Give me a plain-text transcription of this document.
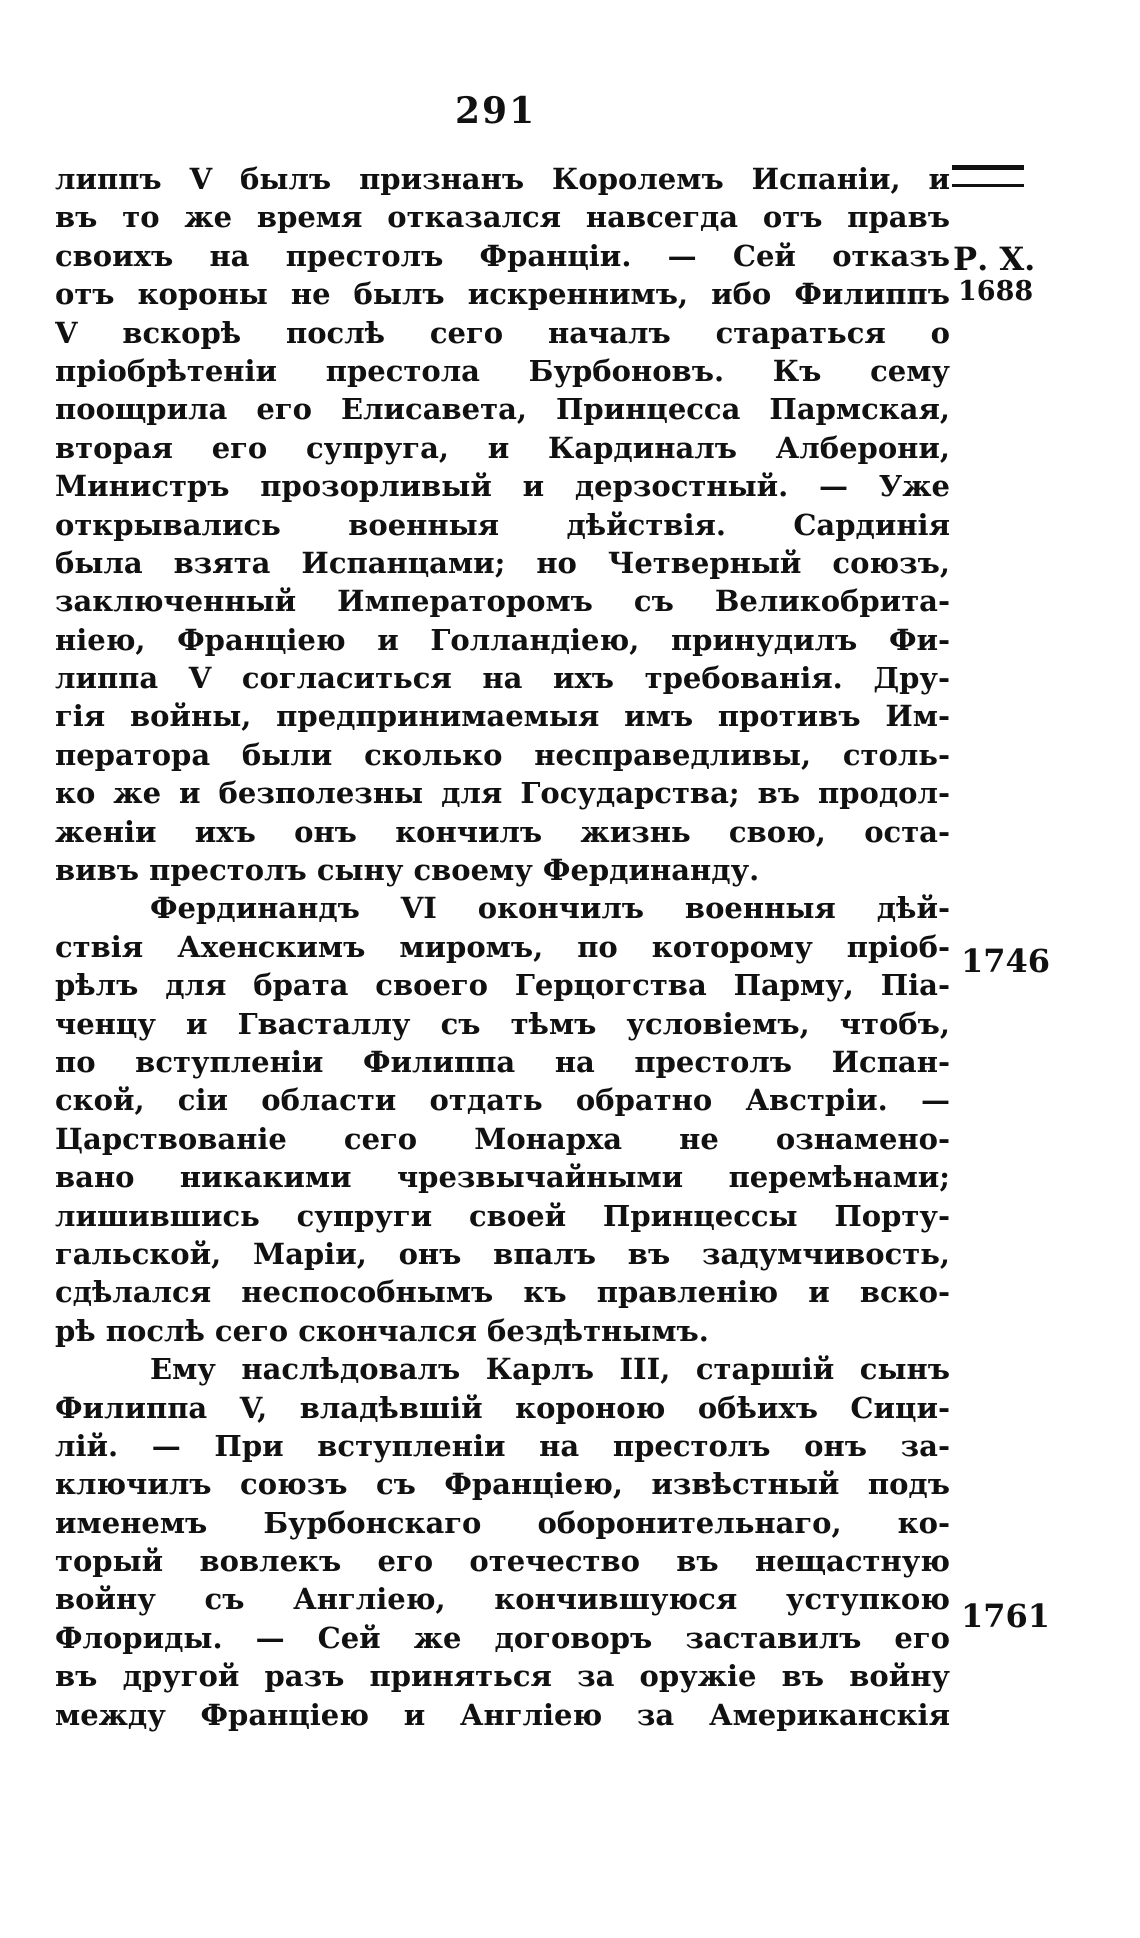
291
Р. Х.
1688
1746
1761
липпъ V былъ признанъ Королемъ Испаніи, и
въ то же время отказался навсегда отъ правъ
своихъ на престолъ Франціи. — Сей отказъ
отъ короны не былъ искреннимъ, ибо Филиппъ
V вскорѣ послѣ сего началъ стараться о
пріобрѣтеніи престола Бурбоновъ. Къ сему
поощрила его Елисавета, Принцесса Пармская,
вторая его супруга, и Кардиналъ Алберони,
Министръ прозорливый и дерзостный. — Уже
открывались военныя дѣйствія. Сардинія
была взята Испанцами; но Четверный союзъ,
заключенный Императоромъ съ Великобрита-
ніею, Франціею и Голландіею, принудилъ Фи-
липпа V согласиться на ихъ требованія. Дру-
гія войны, предпринимаемыя имъ противъ Им-
ператора были сколько несправедливы, столь-
ко же и безполезны для Государства; въ продол-
женіи ихъ онъ кончилъ жизнь свою, оста-
вивъ престолъ сыну своему Фердинанду.
Фердинандъ VI окончилъ военныя дѣй-
ствія Ахенскимъ миромъ, по которому пріоб-
рѣлъ для брата своего Герцогства Парму, Піа-
ченцу и Гвасталлу съ тѣмъ условіемъ, чтобъ,
по вступленіи Филиппа на престолъ Испан-
ской, сіи области отдать обратно Австріи. —
Царствованіе сего Монарха не ознамено-
вано никакими чрезвычайными перемѣнами;
лишившись супруги своей Принцессы Порту-
гальской, Маріи, онъ впалъ въ задумчивость,
сдѣлался неспособнымъ къ правленію и вско-
рѣ послѣ сего скончался бездѣтнымъ.
Ему наслѣдовалъ Карлъ III, старшій сынъ
Филиппа V, владѣвшій короною обѣихъ Сици-
лій. — При вступленіи на престолъ онъ за-
ключилъ союзъ съ Франціею, извѣстный подъ
именемъ Бурбонскаго оборонительнаго, ко-
торый вовлекъ его отечество въ нещастную
войну съ Англіею, кончившуюся уступкою
Флориды. — Сей же договоръ заставилъ его
въ другой разъ приняться за оружіе въ войну
между Франціею и Англіею за Американскія
